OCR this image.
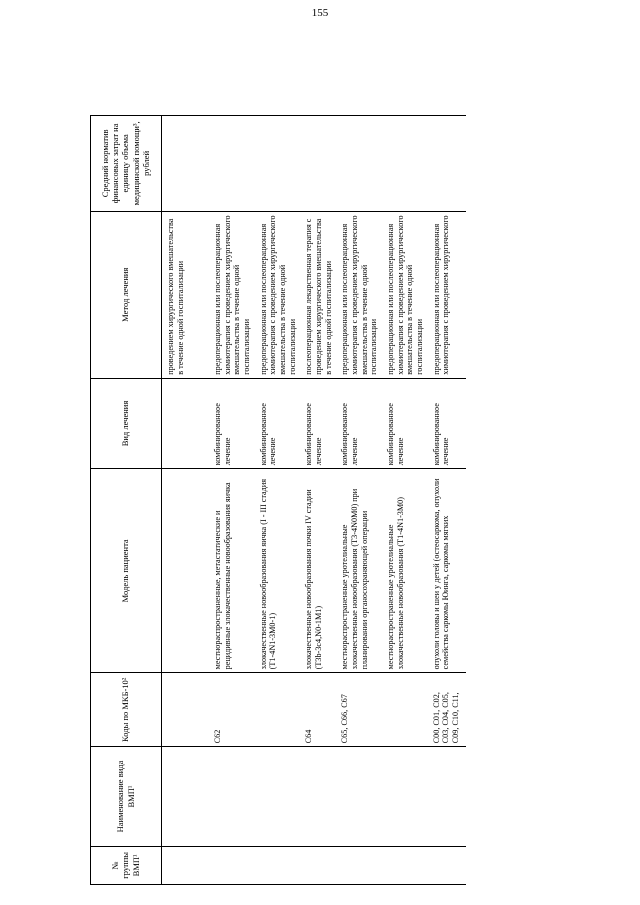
155
№ группы ВМП¹	Наименование вида ВМП¹	Коды по МКБ-10²	Модель пациента	Вид лечения	Метод лечения	Средний норматив финансовых затрат на единицу объема медицинской помощи³, рублей
					проведением хирургического вмешательства в течение одной госпитализации	
		C62	местнораспространенные, метастатические и рецидивные злокачественные новообразования яичка	комбинированное лечение	предоперационная или послеоперационная химиотерапия с проведением хирургического вмешательства в течение одной госпитализации	
			злокачественные новообразования яичка (I - III стадия (T1-4N1-3M0-1)	комбинированное лечение	предоперационная или послеоперационная химиотерапия с проведением хирургического вмешательства в течение одной госпитализации	
		C64	злокачественные новообразования почки IV стадии (T3b-3c4,N0-1M1)	комбинированное лечение	послеоперационная лекарственная терапия с проведением хирургического вмешательства в течение одной госпитализации	
		C65, C66, C67	местнораспространенные уротелиальные злокачественные новообразования (T3-4N0M0) при планировании органосохраняющей операции	комбинированное лечение	предоперационная или послеоперационная химиотерапия с проведением хирургического вмешательства в течение одной госпитализации	
			местнораспространенные уротелиальные злокачественные новообразования (T1-4N1-3M0)	комбинированное лечение	предоперационная или послеоперационная химиотерапия с проведением хирургического вмешательства в течение одной госпитализации	
		C00, C01, C02, C03, C04, C05, C09, C10, C11,	опухоли головы и шеи у детей (остеосаркома, опухоли семейства саркомы Юинга, саркомы мягких	комбинированное лечение	предоперационная или послеоперационная химиотерапия с проведением хирургического	
